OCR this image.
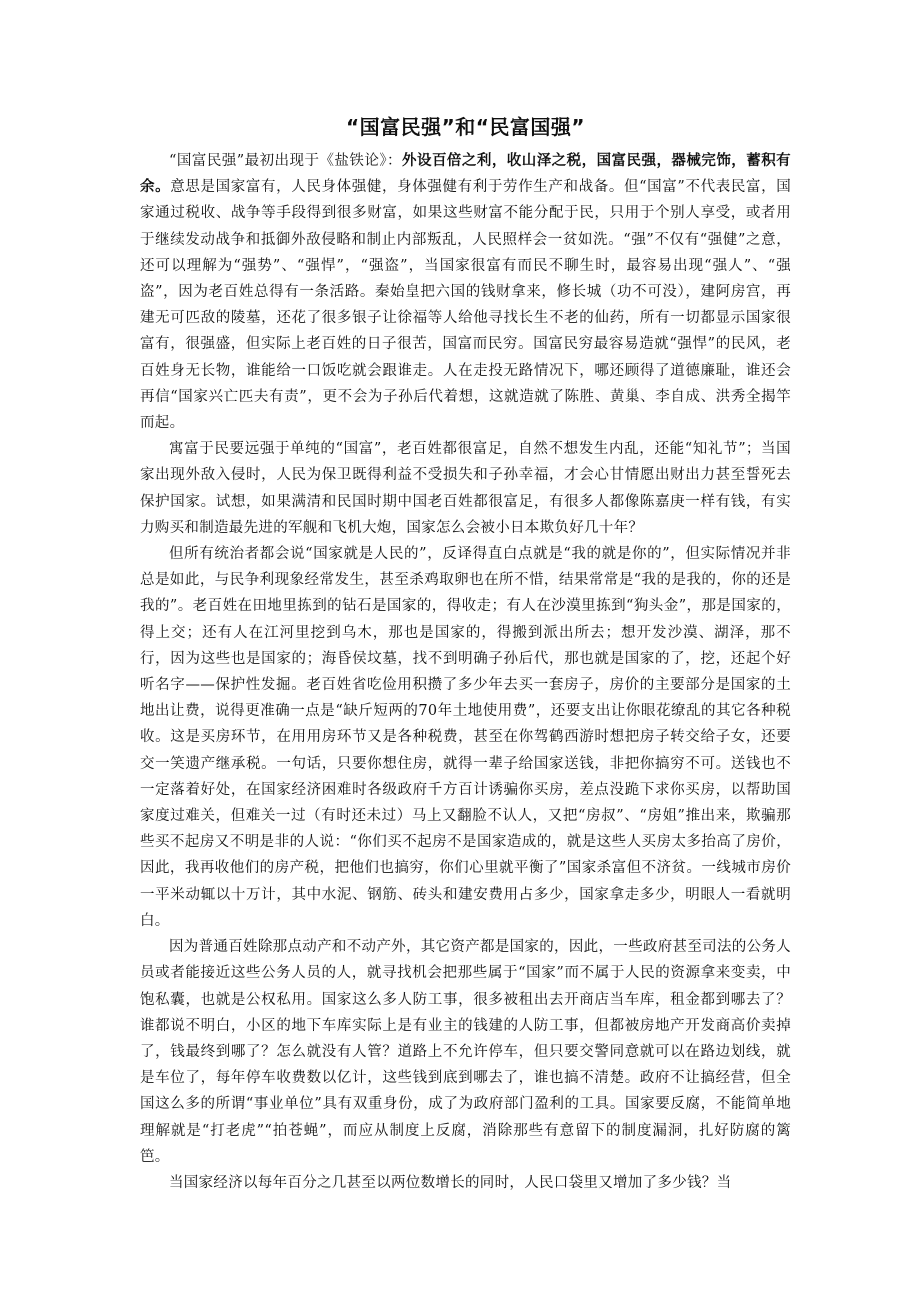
“国富民强”和“民富国强”

“国富民强”最初出现于《盐铁论》：外设百倍之利，收山泽之税，国富民强，器械完饰，蓄积有余。意思是国家富有，人民身体强健，身体强健有利于劳作生产和战备。但“国富”不代表民富，国家通过税收、战争等手段得到很多财富，如果这些财富不能分配于民，只用于个别人享受，或者用于继续发动战争和抵御外敌侵略和制止内部叛乱，人民照样会一贫如洗。“强”不仅有“强健”之意，还可以理解为“强势”、“强悍”，“强盗”，当国家很富有而民不聊生时，最容易出现“强人”、“强盗”，因为老百姓总得有一条活路。秦始皇把六国的钱财拿来，修长城（功不可没），建阿房宫，再建无可匹敌的陵墓，还花了很多银子让徐福等人给他寻找长生不老的仙药，所有一切都显示国家很富有，很强盛，但实际上老百姓的日子很苦，国富而民穷。国富民穷最容易造就“强悍”的民风，老百姓身无长物，谁能给一口饭吃就会跟谁走。人在走投无路情况下，哪还顾得了道德廉耻，谁还会再信“国家兴亡匹夫有责”，更不会为子孙后代着想，这就造就了陈胜、黄巢、李自成、洪秀全揭竿而起。

寓富于民要远强于单纯的“国富”，老百姓都很富足，自然不想发生内乱，还能“知礼节”；当国家出现外敌入侵时，人民为保卫既得利益不受损失和子孙幸福，才会心甘情愿出财出力甚至誓死去保护国家。试想，如果满清和民国时期中国老百姓都很富足，有很多人都像陈嘉庚一样有钱，有实力购买和制造最先进的军舰和飞机大炮，国家怎么会被小日本欺负好几十年？

但所有统治者都会说“国家就是人民的”，反译得直白点就是“我的就是你的”，但实际情况并非总是如此，与民争利现象经常发生，甚至杀鸡取卵也在所不惜，结果常常是“我的是我的，你的还是我的”。老百姓在田地里拣到的钻石是国家的，得收走；有人在沙漠里拣到“狗头金”，那是国家的，得上交；还有人在江河里挖到乌木，那也是国家的，得搬到派出所去；想开发沙漠、湖泽，那不行，因为这些也是国家的；海昏侯坟墓，找不到明确子孙后代，那也就是国家的了，挖，还起个好听名字——保护性发掘。老百姓省吃俭用积攒了多少年去买一套房子，房价的主要部分是国家的土地出让费，说得更准确一点是“缺斤短两的70年土地使用费”，还要支出让你眼花缭乱的其它各种税收。这是买房环节，在用用房环节又是各种税费，甚至在你驾鹤西游时想把房子转交给子女，还要交一笑遗产继承税。一句话，只要你想住房，就得一辈子给国家送钱，非把你搞穷不可。送钱也不一定落着好处，在国家经济困难时各级政府千方百计诱骗你买房，差点没跪下求你买房，以帮助国家度过难关，但难关一过（有时还未过）马上又翻脸不认人，又把“房叔”、“房姐”推出来，欺骗那些买不起房又不明是非的人说：“你们买不起房不是国家造成的，就是这些人买房太多抬高了房价，因此，我再收他们的房产税，把他们也搞穷，你们心里就平衡了”国家杀富但不济贫。一线城市房价一平米动辄以十万计，其中水泥、钢筋、砖头和建安费用占多少，国家拿走多少，明眼人一看就明白。

因为普通百姓除那点动产和不动产外，其它资产都是国家的，因此，一些政府甚至司法的公务人员或者能接近这些公务人员的人，就寻找机会把那些属于“国家”而不属于人民的资源拿来变卖，中饱私囊，也就是公权私用。国家这么多人防工事，很多被租出去开商店当车库，租金都到哪去了？谁都说不明白，小区的地下车库实际上是有业主的钱建的人防工事，但都被房地产开发商高价卖掉了，钱最终到哪了？怎么就没有人管？道路上不允许停车，但只要交警同意就可以在路边划线，就是车位了，每年停车收费数以亿计，这些钱到底到哪去了，谁也搞不清楚。政府不让搞经营，但全国这么多的所谓“事业单位”具有双重身份，成了为政府部门盈利的工具。国家要反腐，不能简单地理解就是“打老虎”“拍苍蝇”，而应从制度上反腐，消除那些有意留下的制度漏洞，扎好防腐的篱笆。

当国家经济以每年百分之几甚至以两位数增长的同时，人民口袋里又增加了多少钱？当
